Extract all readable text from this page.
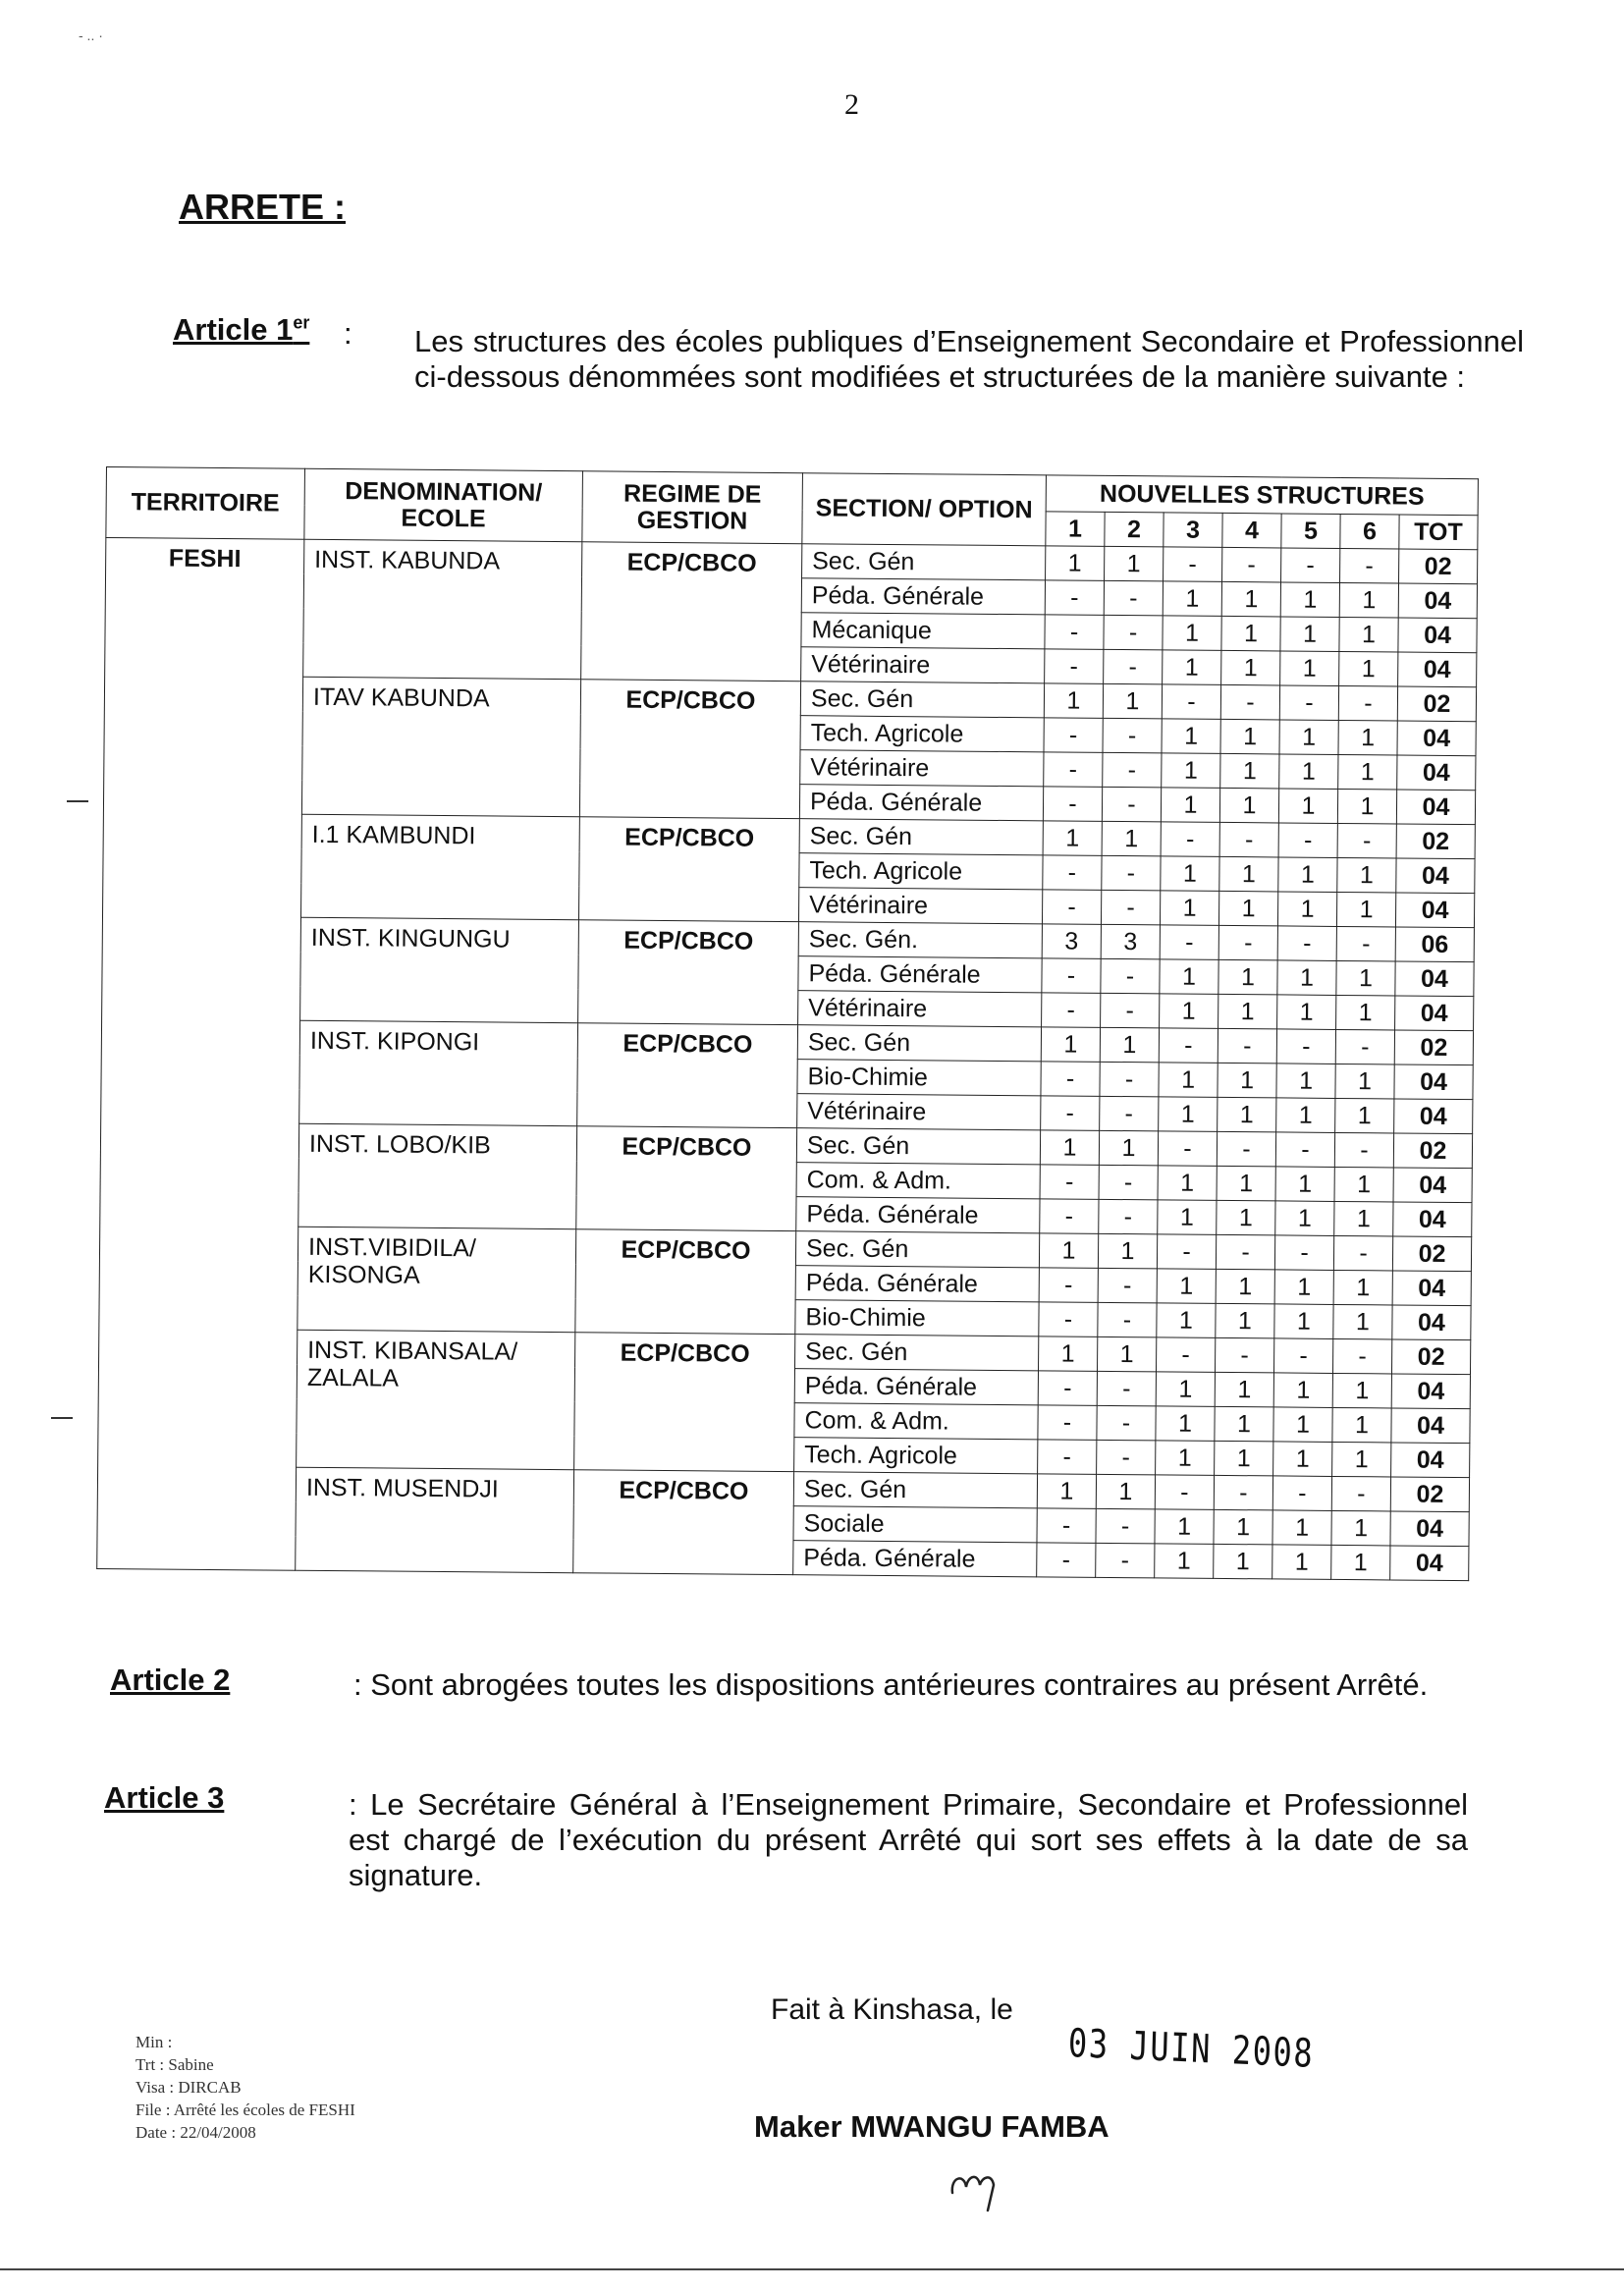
- .. ·
2
ARRETE :
Article 1er : Les structures des écoles publiques d’Enseignement Secondaire et Professionnel ci-dessous dénommées sont modifiées et structurées de la manière suivante :
TERRITOIRE	DENOMINATION/ ECOLE	REGIME DE GESTION	SECTION/ OPTION	NOUVELLES STRUCTURES						
				1	2	3	4	5	6	TOT
FESHI	INST. KABUNDA	ECP/CBCO	Sec. Gén	1	1	-	-	-	-	02
			Péda. Générale	-	-	1	1	1	1	04
			Mécanique	-	-	1	1	1	1	04
			Vétérinaire	-	-	1	1	1	1	04
	ITAV KABUNDA	ECP/CBCO	Sec. Gén	1	1	-	-	-	-	02
			Tech. Agricole	-	-	1	1	1	1	04
			Vétérinaire	-	-	1	1	1	1	04
			Péda. Générale	-	-	1	1	1	1	04
	I.1 KAMBUNDI	ECP/CBCO	Sec. Gén	1	1	-	-	-	-	02
			Tech. Agricole	-	-	1	1	1	1	04
			Vétérinaire	-	-	1	1	1	1	04
	INST. KINGUNGU	ECP/CBCO	Sec. Gén.	3	3	-	-	-	-	06
			Péda. Générale	-	-	1	1	1	1	04
			Vétérinaire	-	-	1	1	1	1	04
	INST. KIPONGI	ECP/CBCO	Sec. Gén	1	1	-	-	-	-	02
			Bio-Chimie	-	-	1	1	1	1	04
			Vétérinaire	-	-	1	1	1	1	04
	INST. LOBO/KIB	ECP/CBCO	Sec. Gén	1	1	-	-	-	-	02
			Com. & Adm.	-	-	1	1	1	1	04
			Péda. Générale	-	-	1	1	1	1	04
	INST.VIBIDILA/ KISONGA	ECP/CBCO	Sec. Gén	1	1	-	-	-	-	02
			Péda. Générale	-	-	1	1	1	1	04
			Bio-Chimie	-	-	1	1	1	1	04
	INST. KIBANSALA/ ZALALA	ECP/CBCO	Sec. Gén	1	1	-	-	-	-	02
			Péda. Générale	-	-	1	1	1	1	04
			Com. & Adm.	-	-	1	1	1	1	04
			Tech. Agricole	-	-	1	1	1	1	04
	INST. MUSENDJI	ECP/CBCO	Sec. Gén	1	1	-	-	-	-	02
			Sociale	-	-	1	1	1	1	04
			Péda. Générale	-	-	1	1	1	1	04
Article 2	: Sont abrogées toutes les dispositions antérieures contraires au présent Arrêté.
Article 3	: Le Secrétaire Général à l’Enseignement Primaire, Secondaire et Professionnel est chargé de l’exécution du présent Arrêté qui sort ses effets à la date de sa signature.
Min :
Trt : Sabine
Visa : DIRCAB
File : Arrêté les écoles de FESHI
Date : 22/04/2008
Fait à Kinshasa, le
03 JUIN 2008
Maker MWANGU FAMBA
